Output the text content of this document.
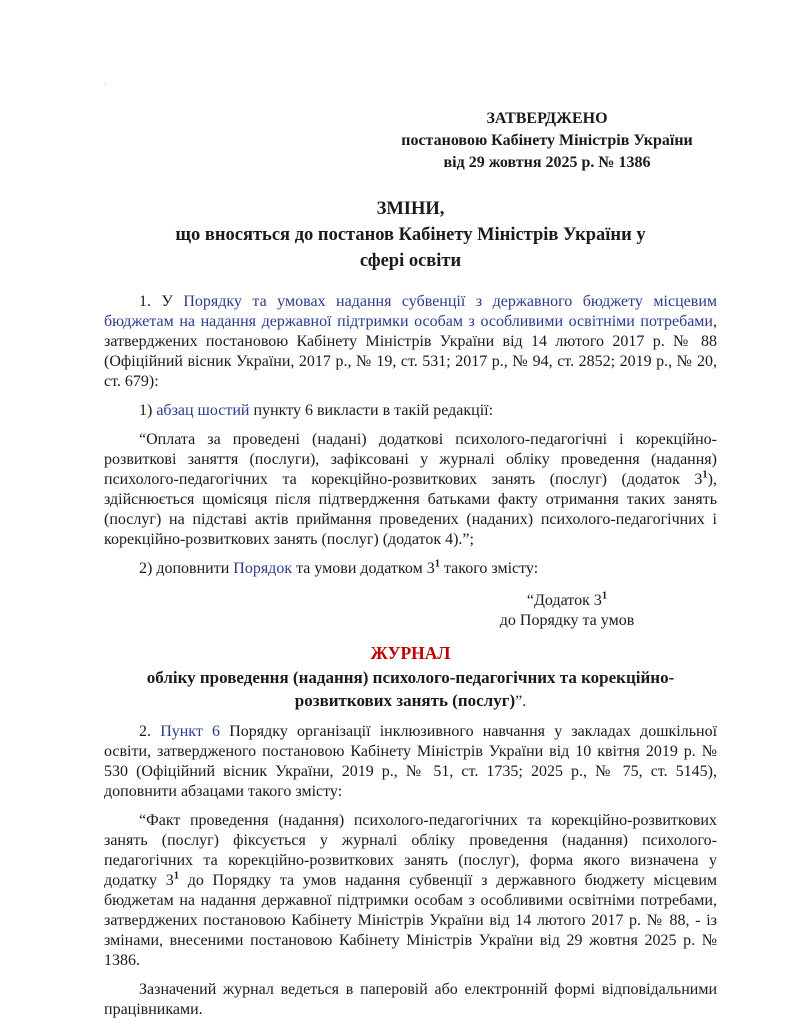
ЗАТВЕРДЖЕНО
постановою Кабінету Міністрів України
від 29 жовтня 2025 р. № 1386
ЗМІНИ,
що вносяться до постанов Кабінету Міністрів України у сфері освіти

1. У Порядку та умовах надання субвенції з державного бюджету місцевим бюджетам на надання державної підтримки особам з особливими освітніми потребами, затверджених постановою Кабінету Міністрів України від 14 лютого 2017 р. № 88 (Офіційний вісник України, 2017 р., № 19, ст. 531; 2017 р., № 94, ст. 2852; 2019 р., № 20, ст. 679):

1) абзац шостий пункту 6 викласти в такій редакції:

“Оплата за проведені (надані) додаткові психолого-педагогічні і корекційно-розвиткові заняття (послуги), зафіксовані у журналі обліку проведення (надання) психолого-педагогічних та корекційно-розвиткових занять (послуг) (додаток $3^1$), здійснюється щомісяця після підтвердження батьками факту отримання таких занять (послуг) на підставі актів приймання проведених (наданих) психолого-педагогічних і корекційно-розвиткових занять (послуг) (додаток 4).”;

2) доповнити Порядок та умови додатком $3^1$ такого змісту:

“Додаток $3^1$
до Порядку та умов
ЖУРНАЛ
обліку проведення (надання) психолого-педагогічних та корекційно-розвиткових занять (послуг)”.

2. Пункт 6 Порядку організації інклюзивного навчання у закладах дошкільної освіти, затвердженого постановою Кабінету Міністрів України від 10 квітня 2019 р. № 530 (Офіційний вісник України, 2019 р., № 51, ст. 1735; 2025 р., № 75, ст. 5145), доповнити абзацами такого змісту:

“Факт проведення (надання) психолого-педагогічних та корекційно-розвиткових занять (послуг) фіксується у журналі обліку проведення (надання) психолого-педагогічних та корекційно-розвиткових занять (послуг), форма якого визначена у додатку $3^1$ до Порядку та умов надання субвенції з державного бюджету місцевим бюджетам на надання державної підтримки особам з особливими освітніми потребами, затверджених постановою Кабінету Міністрів України від 14 лютого 2017 р. № 88, - із змінами, внесеними постановою Кабінету Міністрів України від 29 жовтня 2025 р. № 1386.

Зазначений журнал ведеться в паперовій або електронній формі відповідальними працівниками.
